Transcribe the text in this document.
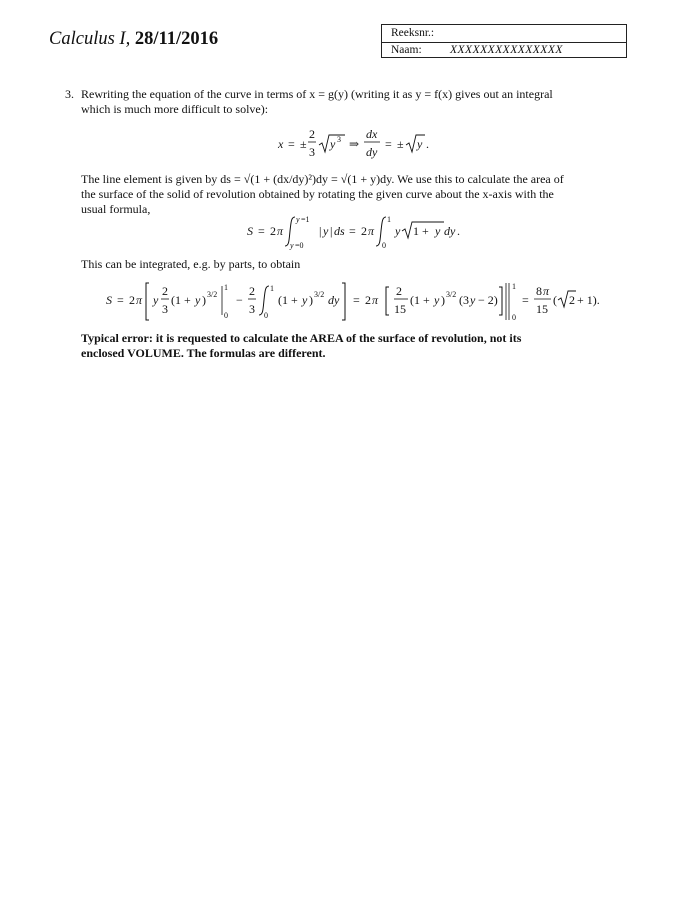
Calculus I, 28/11/2016	Reeksnr.:
Naam: XXXXXXXXXXXXXXX
3. Rewriting the equation of the curve in terms of x = g(y) (writing it as y = f(x) gives out an integral
which is much more difficult to solve):
x = ±
2
3
y 3 ⇒
dx
dy
= ± y .
The line element is given by ds = √(1 + (dx/dy)²)dy = √(1 + y)dy. We use this to calculate the area of
the surface of the solid of revolution obtained by rotating the given curve about the x-axis with the
usual formula,
S = 2 π
y =1
y =0
| y | ds = 2 π
1
0
y 1 + y dy .
This can be integrated, e.g. by parts, to obtain
S = 2 π y
2
3
(1 + y ) 3/2
1
0
−
2
3
1
0
(1 + y ) 3/2 dy = 2 π
2
15
(1 + y ) 3/2 (3 y − 2)
1
0
=
8 π
15
( 2 + 1).
Typical error: it is requested to calculate the AREA of the surface of revolution, not its
enclosed VOLUME. The formulas are different.
